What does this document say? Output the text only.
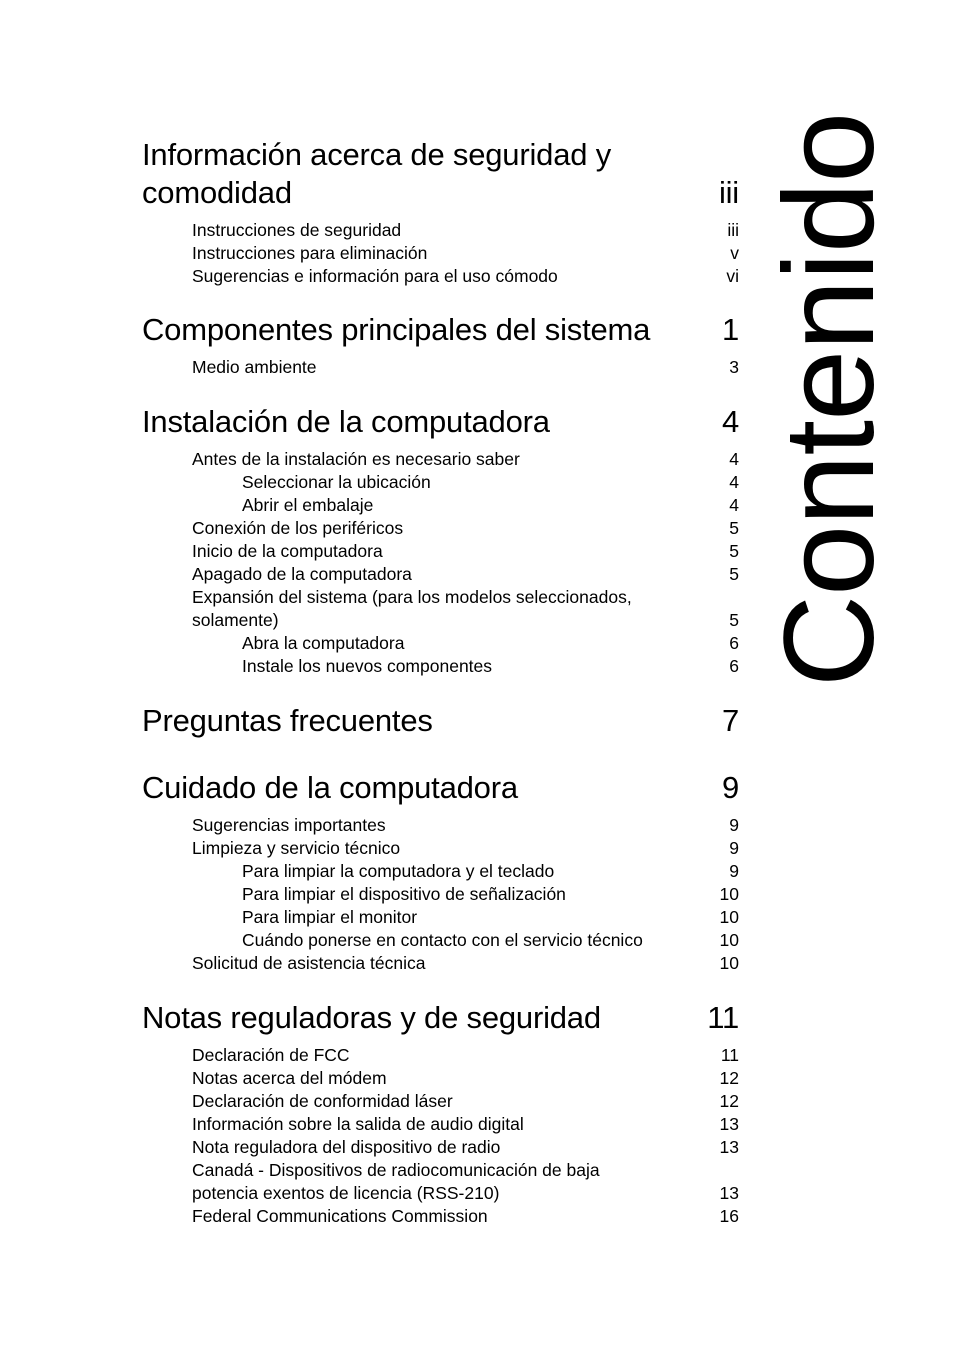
Información acerca de seguridad y comodidad	iii
Instrucciones de seguridad	iii
Instrucciones para eliminación	v
Sugerencias e información para el uso cómodo	vi
Componentes principales del sistema	1
Medio ambiente	3
Instalación de la computadora	4
Antes de la instalación es necesario saber	4
Seleccionar la ubicación	4
Abrir el embalaje	4
Conexión de los periféricos	5
Inicio de la computadora	5
Apagado de la computadora	5
Expansión del sistema (para los modelos seleccionados, solamente)	5
Abra la computadora	6
Instale los nuevos componentes	6
Preguntas frecuentes	7
Cuidado de la computadora	9
Sugerencias importantes	9
Limpieza y servicio técnico	9
Para limpiar la computadora y el teclado	9
Para limpiar el dispositivo de señalización	10
Para limpiar el monitor	10
Cuándo ponerse en contacto con el servicio técnico	10
Solicitud de asistencia técnica	10
Notas reguladoras y de seguridad	11
Declaración de FCC	11
Notas acerca del módem	12
Declaración de conformidad láser	12
Información sobre la salida de audio digital	13
Nota reguladora del dispositivo de radio	13
Canadá - Dispositivos de radiocomunicación de baja potencia exentos de licencia (RSS-210)	13
Federal Communications Commission	16
Contenido
